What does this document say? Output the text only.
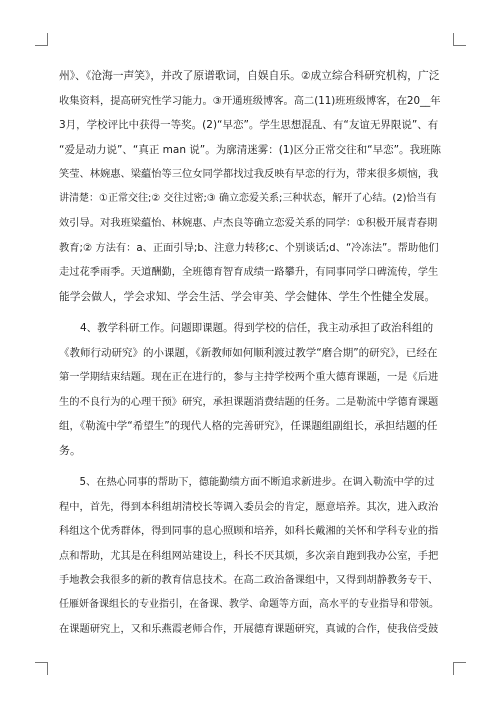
州》、《沧海一声笑》，并改了原谱歌词，自娱自乐。②成立综合科研究机构，广泛
收集资料，提高研究性学习能力。③开通班级博客。高二(11)班班级博客，在20__年
3月，学校评比中获得一等奖。(2)“早恋”。学生思想混乱、有“友谊无界限说”、有
“爱是动力说”、“真正 man 说”。为廓清迷雾：(1)区分正常交往和“早恋”。我班陈
笑莹、林婉惠、梁藴怡等三位女同学都找过我反映有早恋的行为，带来很多烦恼，我
讲清楚：①正常交往;② 交往过密;③ 确立恋爱关系;三种状态，解开了心结。(2)恰当有
效引导。对我班梁藴怡、林婉惠、卢杰良等确立恋爱关系的同学：①积极开展青春期
教育;② 方法有：a、正面引导;b、注意力转移;c、个别谈话;d、“冷冻法”。帮助他们
走过花季雨季。天道酬勤，全班德育智育成绩一路攀升，有同事同学口碑流传，学生
能学会做人，学会求知、学会生活、学会审美、学会健体、学生个性健全发展。
　　4、教学科研工作。问题即课题。得到学校的信任，我主动承担了政治科组的
《教师行动研究》的小课题，《新教师如何顺利渡过教学“磨合期”的研究》，已经在
第一学期结束结题。现在正在进行的，参与主持学校两个重大德育课题，一是《后进
生的不良行为的心理干预》研究，承担课题消费结题的任务。二是勒流中学德育课题
组，《勒流中学“希望生”的现代人格的完善研究》，任课题组副组长，承担结题的任
务。
　　5、在热心同事的帮助下，德能勤绩方面不断追求新进步。在调入勒流中学的过
程中，首先，得到本科组胡清校长等调入委员会的肯定，愿意培养。其次，进入政治
科组这个优秀群体，得到同事的息心照顾和培养，如科长戴湘的关怀和学科专业的指
点和帮助，尤其是在科组网站建设上，科长不厌其烦，多次亲自跑到我办公室，手把
手地教会我很多的新的教育信息技术。在高二政治备课组中，又得到胡静教务专干、
任雁妍备课组长的专业指引，在备课、教学、命题等方面，高水平的专业指导和带领。
在课题研究上，又和乐燕霞老师合作，开展德育课题研究，真诚的合作，使我倍受鼓
